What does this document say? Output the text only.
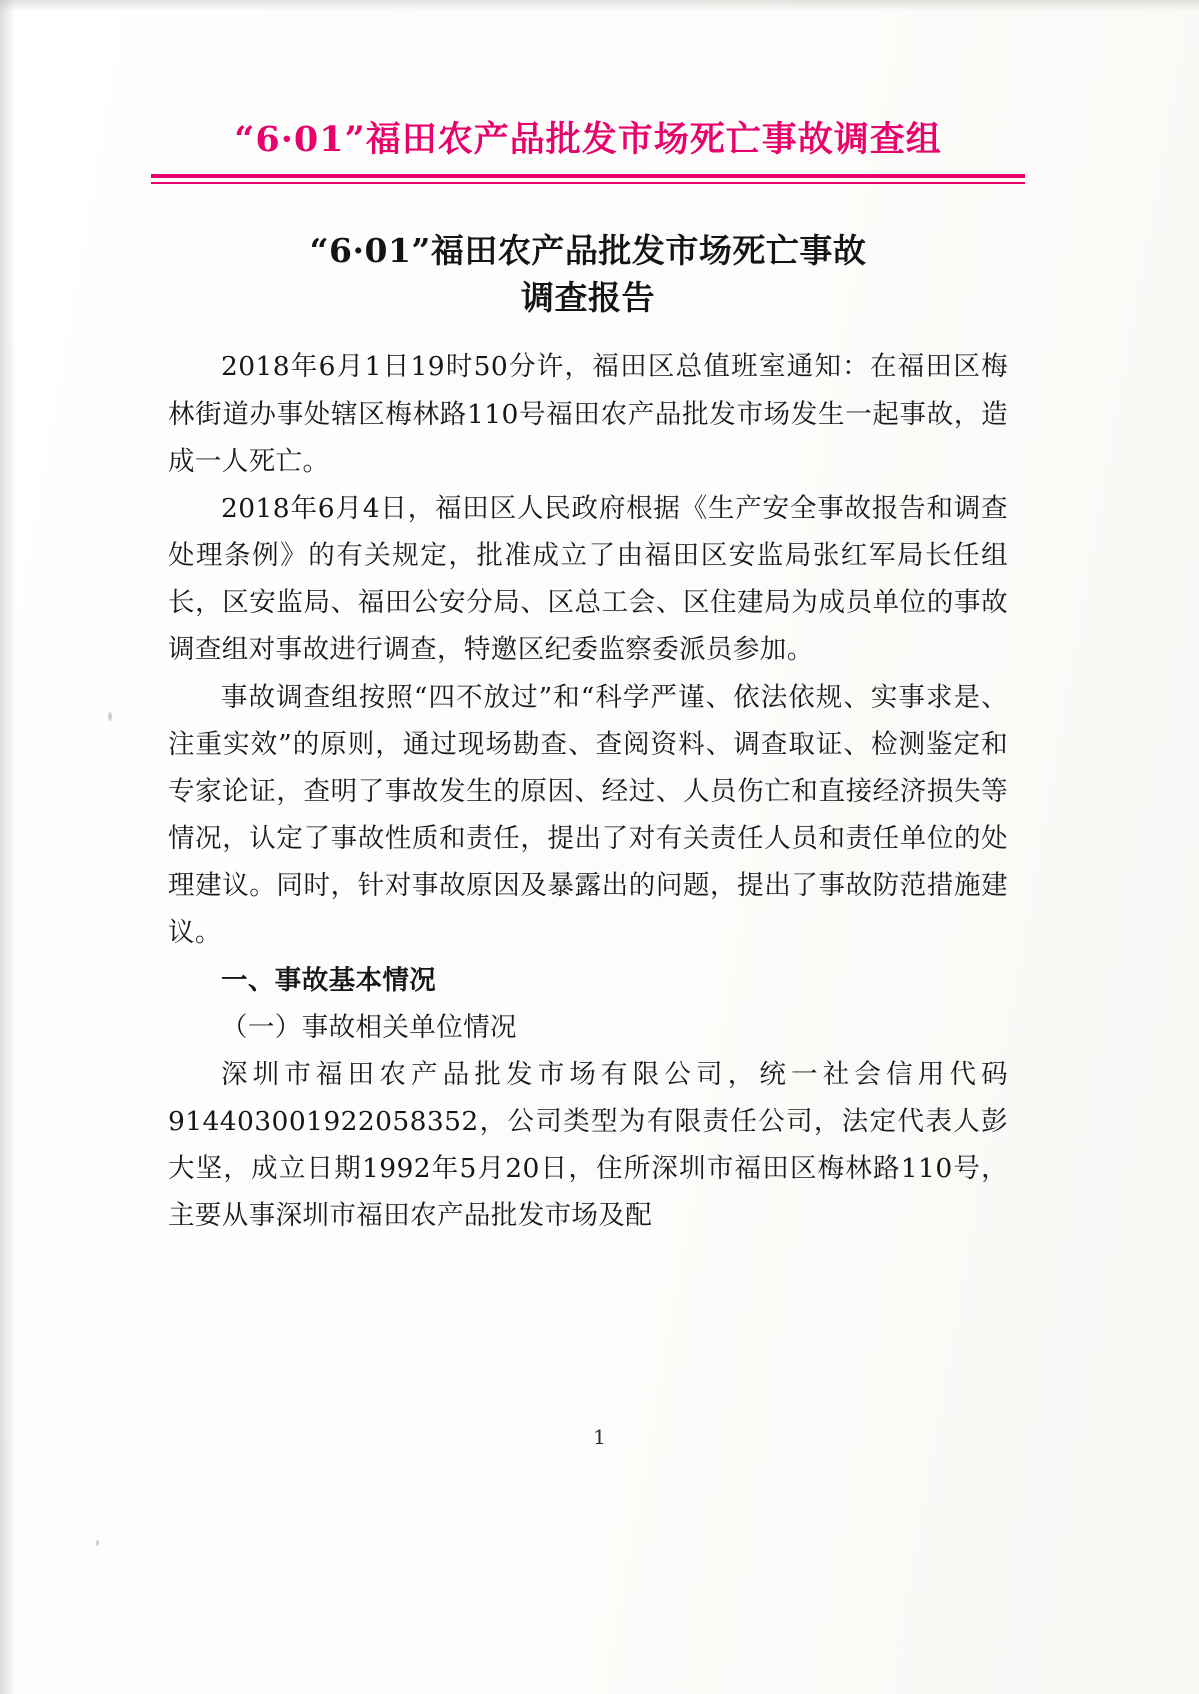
“6·01”福田农产品批发市场死亡事故调查组
“6·01”福田农产品批发市场死亡事故
调查报告

2018年6月1日19时50分许，福田区总值班室通知：在福田区梅林街道办事处辖区梅林路110号福田农产品批发市场发生一起事故，造成一人死亡。

2018年6月4日，福田区人民政府根据《生产安全事故报告和调查处理条例》的有关规定，批准成立了由福田区安监局张红军局长任组长，区安监局、福田公安分局、区总工会、区住建局为成员单位的事故调查组对事故进行调查，特邀区纪委监察委派员参加。

事故调查组按照“四不放过”和“科学严谨、依法依规、实事求是、注重实效”的原则，通过现场勘查、查阅资料、调查取证、检测鉴定和专家论证，查明了事故发生的原因、经过、人员伤亡和直接经济损失等情况，认定了事故性质和责任，提出了对有关责任人员和责任单位的处理建议。同时，针对事故原因及暴露出的问题，提出了事故防范措施建议。

一、事故基本情况

（一）事故相关单位情况

深圳市福田农产品批发市场有限公司，统一社会信用代码914403001922058352，公司类型为有限责任公司，法定代表人彭大坚，成立日期1992年5月20日，住所深圳市福田区梅林路110号，主要从事深圳市福田农产品批发市场及配

1
